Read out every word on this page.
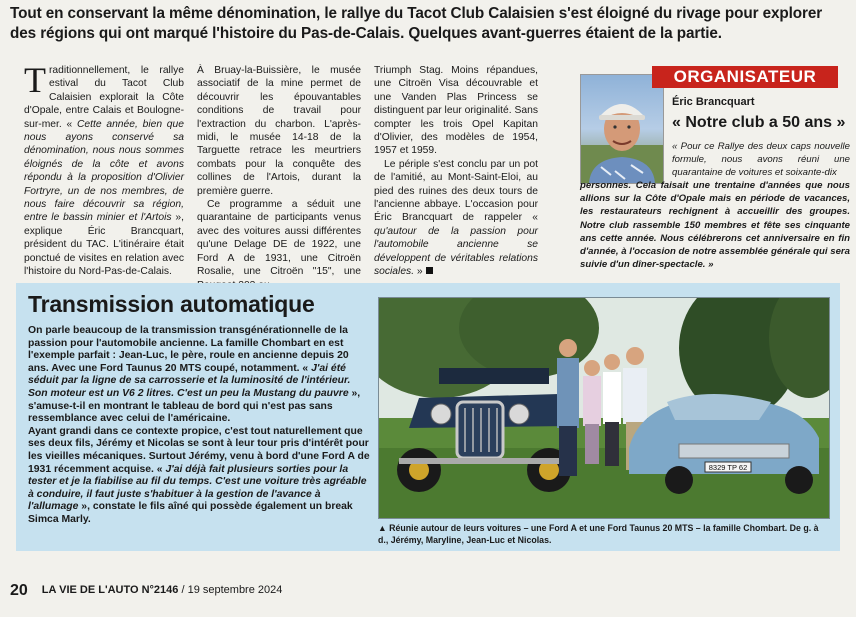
Tout en conservant la même dénomination, le rallye du Tacot Club Calaisien s'est éloigné du rivage pour explorer des régions qui ont marqué l'histoire du Pas-de-Calais. Quelques avant-guerres étaient de la partie.

Traditionnellement, le rallye estival du Tacot Club Calaisien explorait la Côte d'Opale, entre Calais et Boulogne-sur-mer. « Cette année, bien que nous ayons conservé sa dénomination, nous nous sommes éloignés de la côte et avons répondu à la proposition d'Olivier Fortryre, un de nos membres, de nous faire découvrir sa région, entre le bassin minier et l'Artois », explique Éric Brancquart, président du TAC. L'itinéraire était ponctué de visites en relation avec l'histoire du Nord-Pas-de-Calais.

À Bruay-la-Buissière, le musée associatif de la mine permet de découvrir les épouvantables conditions de travail pour l'extraction du charbon. L'après-midi, le musée 14-18 de la Targuette retrace les meurtriers combats pour la conquête des collines de l'Artois, durant la première guerre.

Ce programme a séduit une quarantaine de participants venus avec des voitures aussi différentes qu'une Delage DE de 1922, une Ford A de 1931, une Citroën Rosalie, une Citroën "15", une

Triumph Stag. Moins répandues, une Citroën Visa découvrable et une Vanden Plas Princess se distinguent par leur originalité. Sans compter les trois Opel Kapitan d'Olivier, des modèles de 1954, 1957 et 1959.

Le périple s'est conclu par un pot de l'amitié, au Mont-Saint-Eloi, au pied des ruines des deux tours de l'ancienne abbaye. L'occasion pour Éric Brancquart de rappeler « qu'autour de la passion pour l'automobile ancienne se développent de véritables relations sociales. »

ORGANISATEUR
Éric Brancquart
« Notre club a 50 ans »
« Pour ce Rallye des deux caps nouvelle formule, nous avons réuni une quarantaine de voitures et soixante-dix
personnes. Cela faisait une trentaine d'années que nous allions sur la Côte d'Opale mais en période de vacances, les restaurateurs rechignent à accueillir des groupes. Notre club rassemble 150 membres et fête ses cinquante ans cette année. Nous célébrerons cet anniversaire en fin d'année, à l'occasion de notre assemblée générale qui sera suivie d'un dîner-spectacle. »
Transmission automatique

On parle beaucoup de la transmission transgénérationnelle de la passion pour l'automobile ancienne. La famille Chombart en est l'exemple parfait : Jean-Luc, le père, roule en ancienne depuis 20 ans. Avec une Ford Taunus 20 MTS coupé, notamment. « J'ai été séduit par la ligne de sa carrosserie et la luminosité de l'intérieur. Son moteur est un V6 2 litres. C'est un peu la Mustang du pauvre », s'amuse-t-il en montrant le tableau de bord qui n'est pas sans ressemblance avec celui de l'américaine.

Ayant grandi dans ce contexte propice, c'est tout naturellement que ses deux fils, Jérémy et Nicolas se sont à leur tour pris d'intérêt pour les vieilles mécaniques. Surtout Jérémy, venu à bord d'une Ford A de 1931 récemment acquise. « J'ai déjà fait plusieurs sorties pour la tester et je la fiabilise au fil du temps. C'est une voiture très agréable à conduire, il faut juste s'habituer à la gestion de l'avance à l'allumage », constate le fils aîné qui possède également un break Simca Marly.

8329 TP 62
▲ Réunie autour de leurs voitures – une Ford A et une Ford Taunus 20 MTS – la famille Chombart. De g. à d., Jérémy, Maryline, Jean-Luc et Nicolas.
20 LA VIE DE L'AUTO N°2146 / 19 septembre 2024
